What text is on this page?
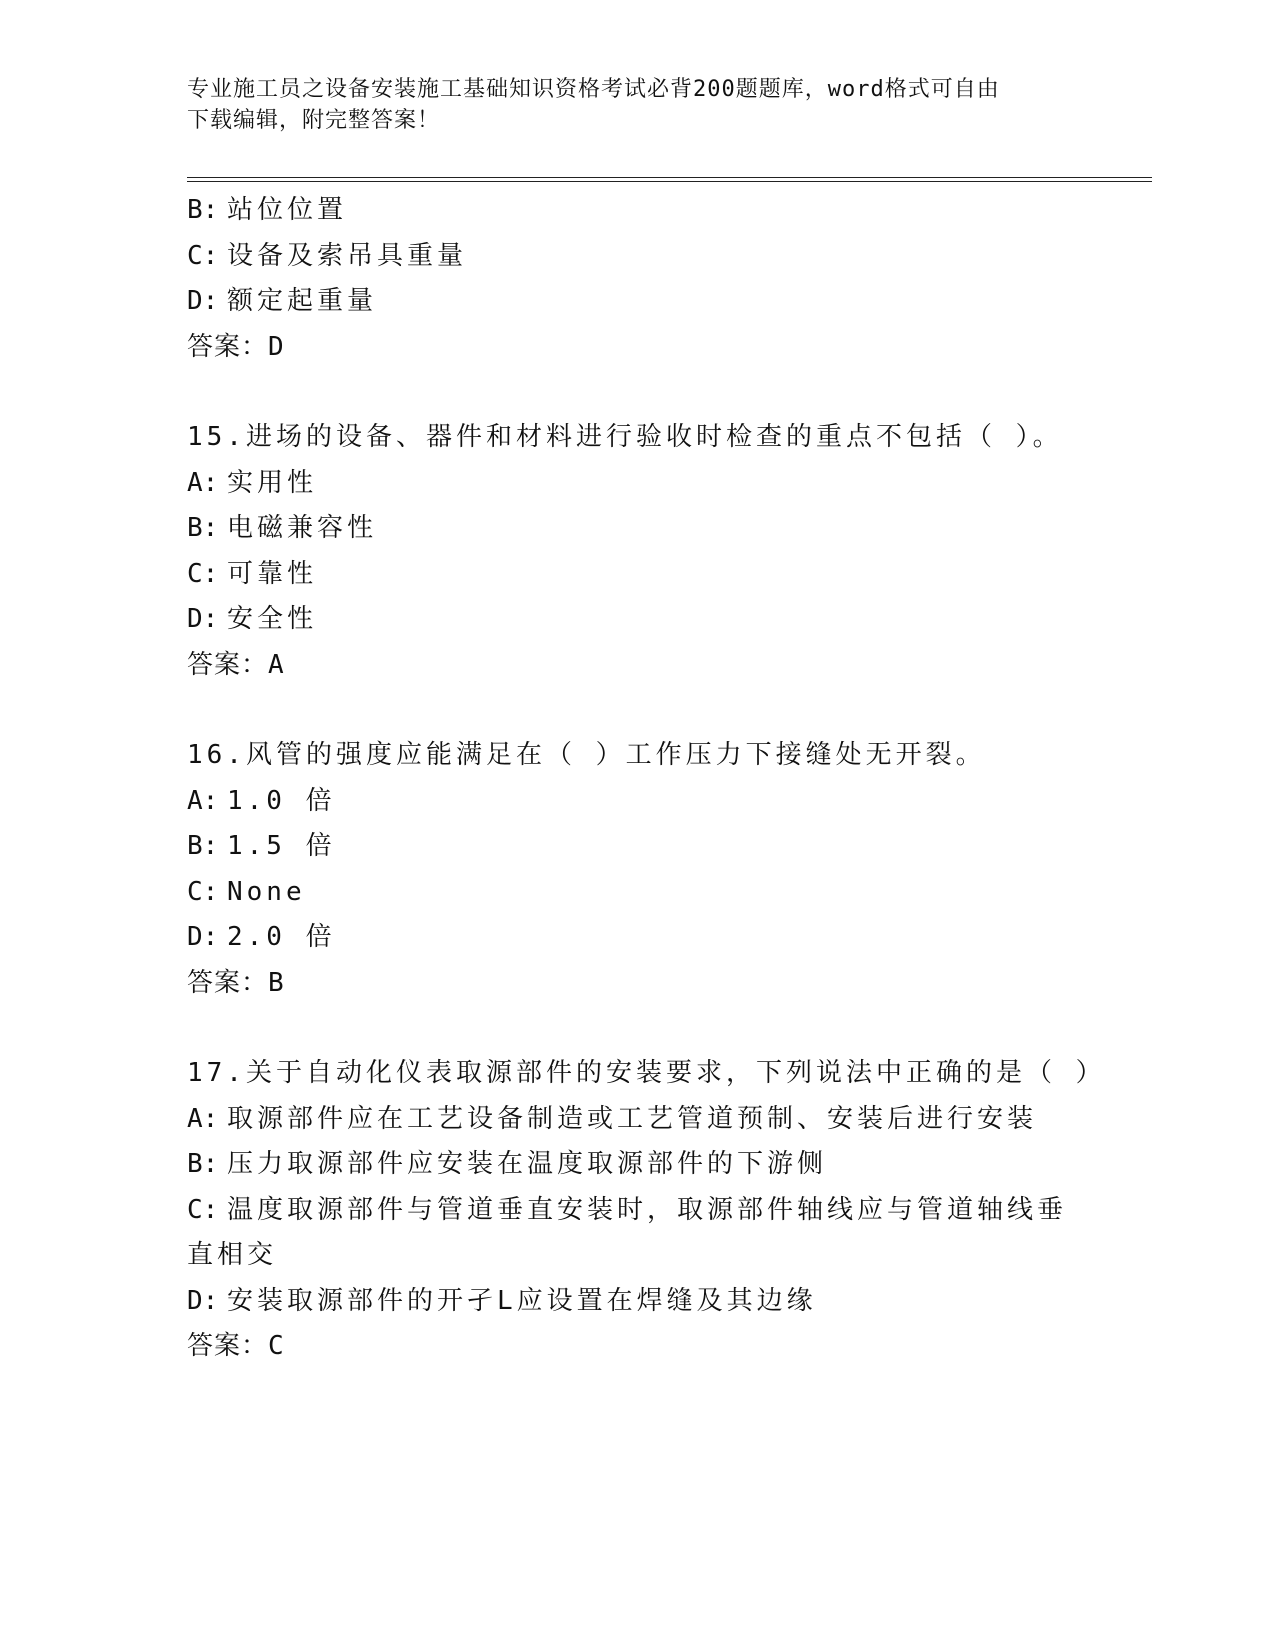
专业施工员之设备安装施工基础知识资格考试必背200题题库，word格式可自由
下载编辑，附完整答案！
B: 站位位置
C: 设备及索吊具重量
D: 额定起重量
答案：D
15.进场的设备、器件和材料进行验收时检查的重点不包括（ ）。
A: 实用性
B: 电磁兼容性
C: 可靠性
D: 安全性
答案：A
16.风管的强度应能满足在（ ）工作压力下接缝处无开裂。
A: 1.0 倍
B: 1.5 倍
C: None
D: 2.0 倍
答案：B
17.关于自动化仪表取源部件的安装要求，下列说法中正确的是（ ）
A: 取源部件应在工艺设备制造或工艺管道预制、安装后进行安装
B: 压力取源部件应安装在温度取源部件的下游侧
C: 温度取源部件与管道垂直安装时，取源部件轴线应与管道轴线垂直相交
D: 安装取源部件的开孑L应设置在焊缝及其边缘
答案：C
